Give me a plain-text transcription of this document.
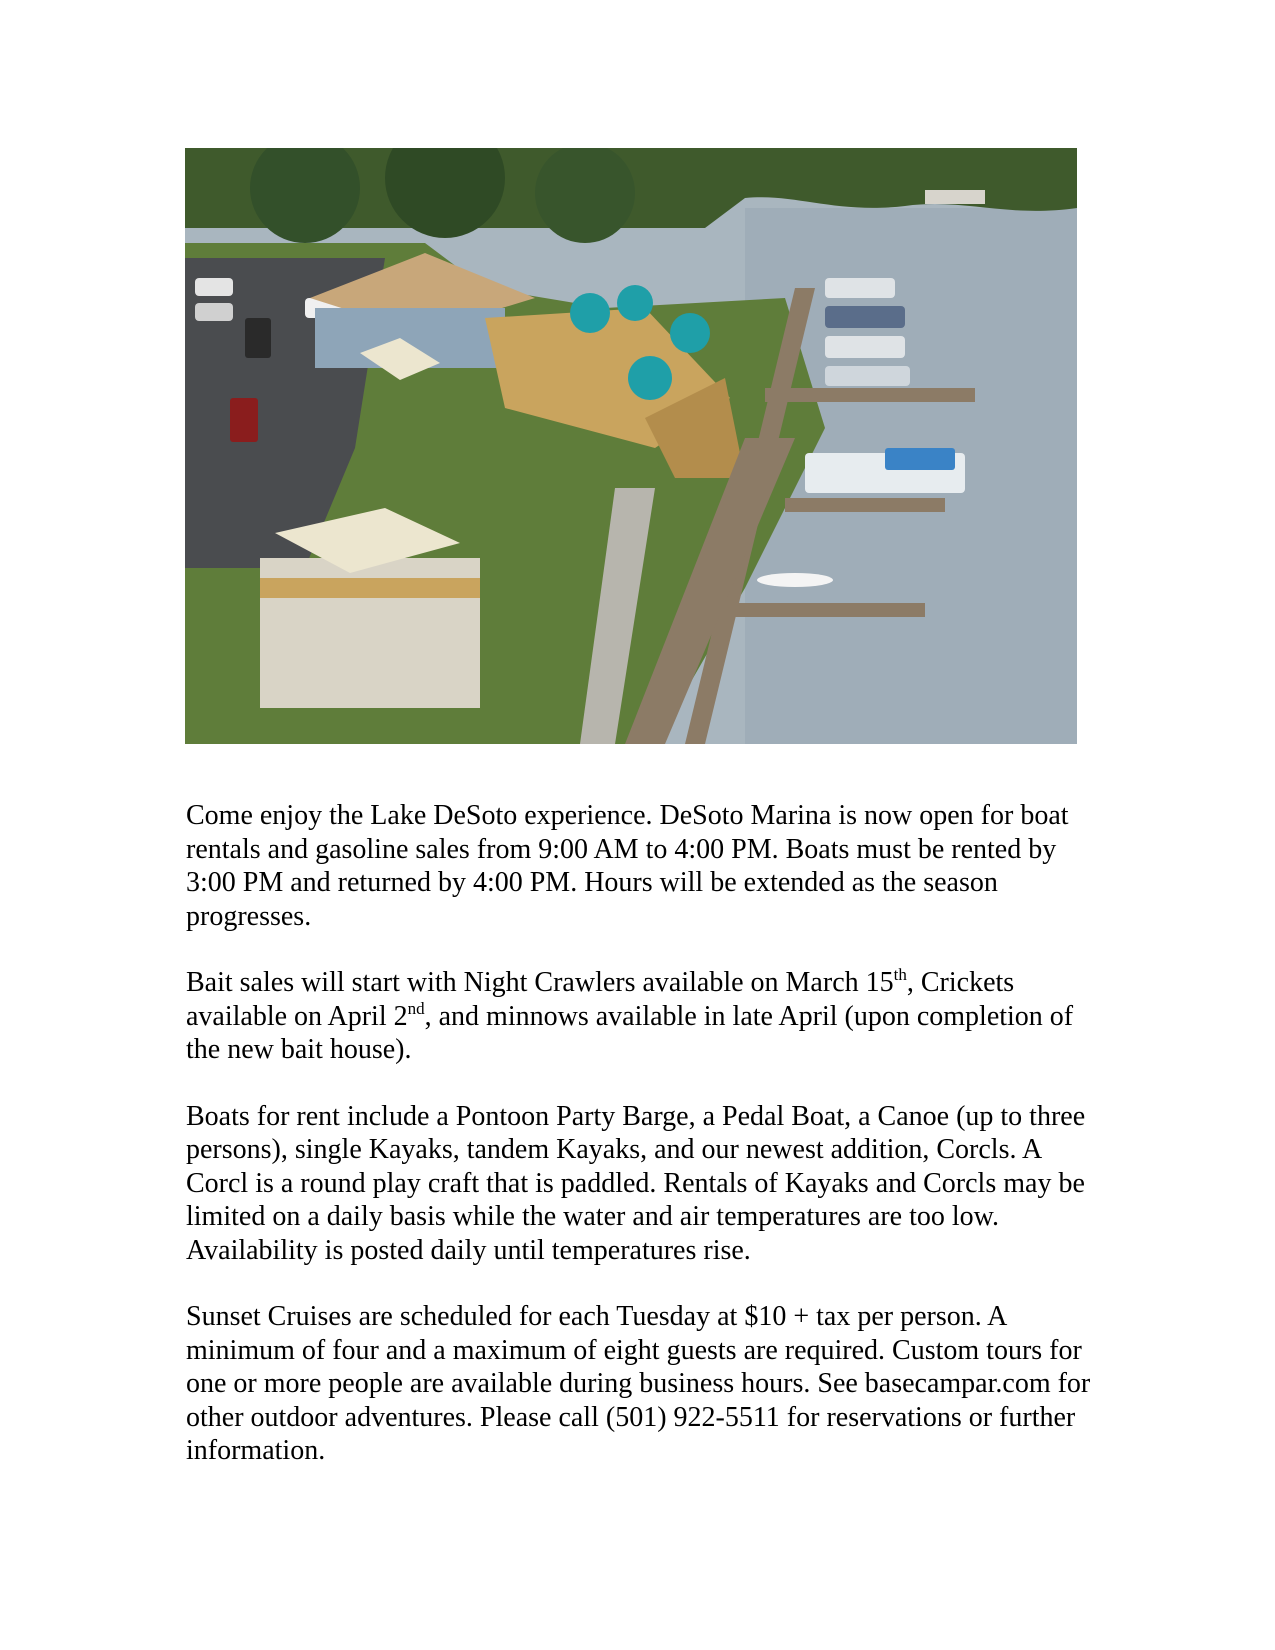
Come enjoy the Lake DeSoto experience. DeSoto Marina is now open for boat rentals and gasoline sales from 9:00 AM to 4:00 PM. Boats must be rented by 3:00 PM and returned by 4:00 PM. Hours will be extended as the season progresses.

Bait sales will start with Night Crawlers available on March 15th, Crickets available on April 2nd, and minnows available in late April (upon completion of the new bait house).

Boats for rent include a Pontoon Party Barge, a Pedal Boat, a Canoe (up to three persons), single Kayaks, tandem Kayaks, and our newest addition, Corcls. A Corcl is a round play craft that is paddled. Rentals of Kayaks and Corcls may be limited on a daily basis while the water and air temperatures are too low. Availability is posted daily until temperatures rise.

Sunset Cruises are scheduled for each Tuesday at $10 + tax per person. A minimum of four and a maximum of eight guests are required. Custom tours for one or more people are available during business hours. See basecampar.com for other outdoor adventures. Please call (501) 922-5511 for reservations or further information.
